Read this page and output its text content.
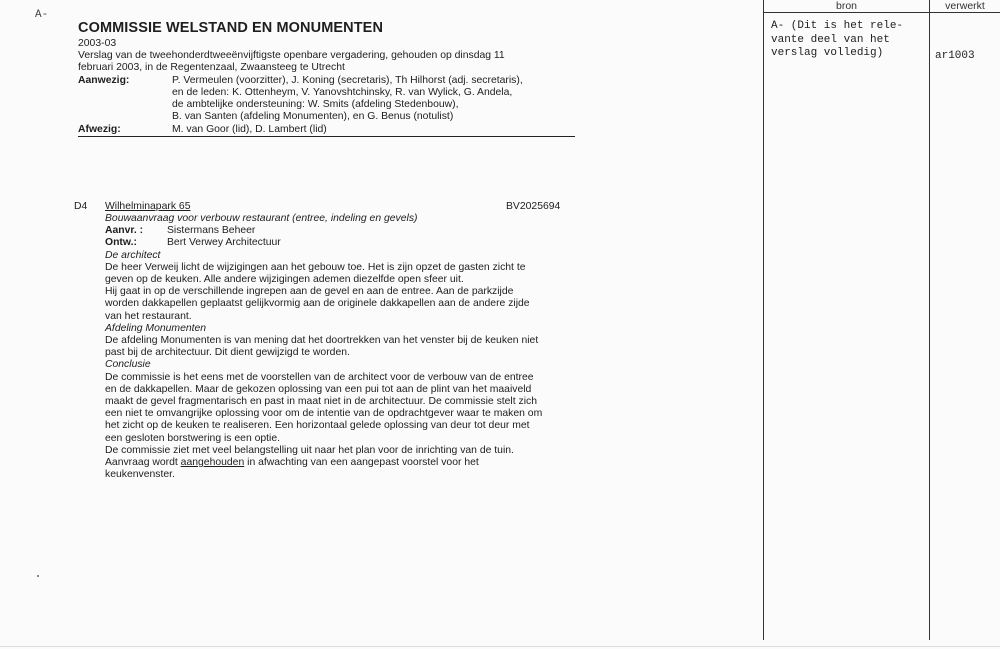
A-
COMMISSIE WELSTAND EN MONUMENTEN
2003-03
Verslag van de tweehonderdtweeënvijftigste openbare vergadering, gehouden op dinsdag 11
februari 2003, in de Regentenzaal, Zwaansteeg te Utrecht
Aanwezig:	P. Vermeulen (voorzitter), J. Koning (secretaris), Th Hilhorst (adj. secretaris),
en de leden: K. Ottenheym, V. Yanovshtchinsky, R. van Wylick, G. Andela,
de ambtelijke ondersteuning: W. Smits (afdeling Stedenbouw),
B. van Santen (afdeling Monumenten), en G. Benus (notulist)
Afwezig:	M. van Goor (lid), D. Lambert (lid)
bron	verwerkt
A- (Dit is het rele-
vante deel van het
verslag volledig)	ar1003
D4 Wilhelminapark 65	BV2025694
Bouwaanvraag voor verbouw restaurant (entree, indeling en gevels)
Aanvr. : Sistermans Beheer
Ontw.:	Bert Verwey Architectuur
De architect
De heer Verweij licht de wijzigingen aan het gebouw toe. Het is zijn opzet de gasten zicht te
geven op de keuken. Alle andere wijzigingen ademen diezelfde open sfeer uit.
Hij gaat in op de verschillende ingrepen aan de gevel en aan de entree. Aan de parkzijde
worden dakkapellen geplaatst gelijkvormig aan de originele dakkapellen aan de andere zijde
van het restaurant.
Afdeling Monumenten
De afdeling Monumenten is van mening dat het doortrekken van het venster bij de keuken niet
past bij de architectuur. Dit dient gewijzigd te worden.
Conclusie
De commissie is het eens met de voorstellen van de architect voor de verbouw van de entree
en de dakkapellen. Maar de gekozen oplossing van een pui tot aan de plint van het maaiveld
maakt de gevel fragmentarisch en past in maat niet in de architectuur. De commissie stelt zich
een niet te omvangrijke oplossing voor om de intentie van de opdrachtgever waar te maken om
het zicht op de keuken te realiseren. Een horizontaal gelede oplossing van deur tot deur met
een gesloten borstwering is een optie.
De commissie ziet met veel belangstelling uit naar het plan voor de inrichting van de tuin.
Aanvraag wordt aangehouden in afwachting van een aangepast voorstel voor het
keukenvenster.
